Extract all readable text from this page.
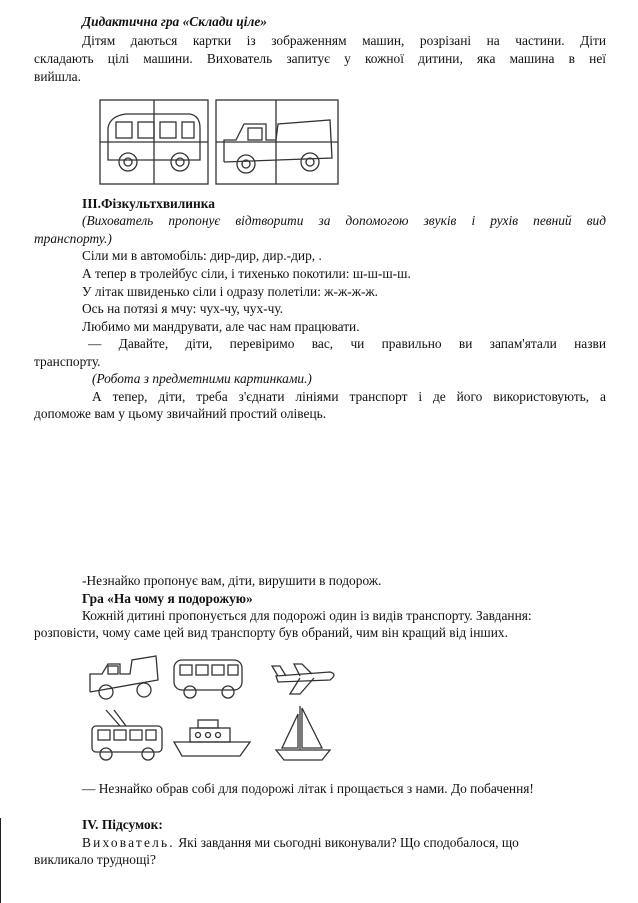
Дидактична гра «Склади ціле»
Дітям даються картки із зображенням машин, розрізані на частини. Діти
складають цілі машини. Вихователь запитує у кожної дитини, яка машина в неї
вийшла.
ІІІ.Фізкультхвилинка
(Вихователь пропонує відтворити за допомогою звуків і рухів певний вид
транспорту.)
Сіли ми в автомобіль: дир-дир, дир.-дир, .
А тепер в тролейбус сіли, і тихенько покотили: ш-ш-ш-ш.
У літак швиденько сіли і одразу полетіли: ж-ж-ж-ж.
Ось на потязі я мчу: чух-чу, чух-чу.
Любимо ми мандрувати, але час нам працювати.
— Давайте, діти, перевіримо вас, чи правильно ви запам'ятали назви
транспорту.
(Робота з предметними картинками.)
А тепер, діти, треба з'єднати лініями транспорт і де його використовують, а
допоможе вам у цьому звичайний простий олівець.
-Незнайко пропонує вам, діти, вирушити в подорож.
Гра «На чому я подорожую»
Кожній дитині пропонується для подорожі один із видів транспорту. Завдання:
розповісти, чому саме цей вид транспорту був обраний, чим він кращий від інших.
— Незнайко обрав собі для подорожі літак і прощається з нами. До побачення!
IV. Підсумок:
Вихователь. Які завдання ми сьогодні виконували? Що сподобалося, що
викликало труднощі?
